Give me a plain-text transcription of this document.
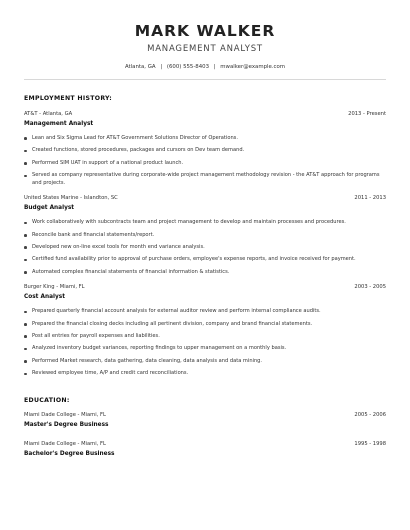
MARK WALKER
MANAGEMENT ANALYST
Atlanta, GA | (600) 555-8403 | mwalker@example.com
EMPLOYMENT HISTORY:
AT&T - Atlanta, GA	2013 - Present
Management Analyst
Lean and Six Sigma Lead for AT&T Government Solutions Director of Operations.
Created functions, stored procedures, packages and cursors on Dev team demand.
Performed SIM UAT in support of a national product launch.
Served as company representative during corporate-wide project management methodology revision - the AT&T approach for programs and projects.
United States Marine - Islandton, SC	2011 - 2013
Budget Analyst
Work collaboratively with subcontracts team and project management to develop and maintain processes and procedures.
Reconcile bank and financial statements/report.
Developed new on-line excel tools for month end variance analysis.
Certified fund availability prior to approval of purchase orders, employee's expense reports, and invoice received for payment.
Automated complex financial statements of financial information & statistics.
Burger King - Miami, FL	2003 - 2005
Cost Analyst
Prepared quarterly financial account analysis for external auditor review and perform internal compliance audits.
Prepared the financial closing decks including all pertinent division, company and brand financial statements.
Post all entries for payroll expenses and liabilities.
Analyzed inventory budget variances, reporting findings to upper management on a monthly basis.
Performed Market research, data gathering, data cleaning, data analysis and data mining.
Reviewed employee time, A/P and credit card reconciliations.
EDUCATION:
Miami Dade College - Miami, FL	2005 - 2006
Master's Degree Business
Miami Dade College - Miami, FL	1995 - 1998
Bachelor's Degree Business
